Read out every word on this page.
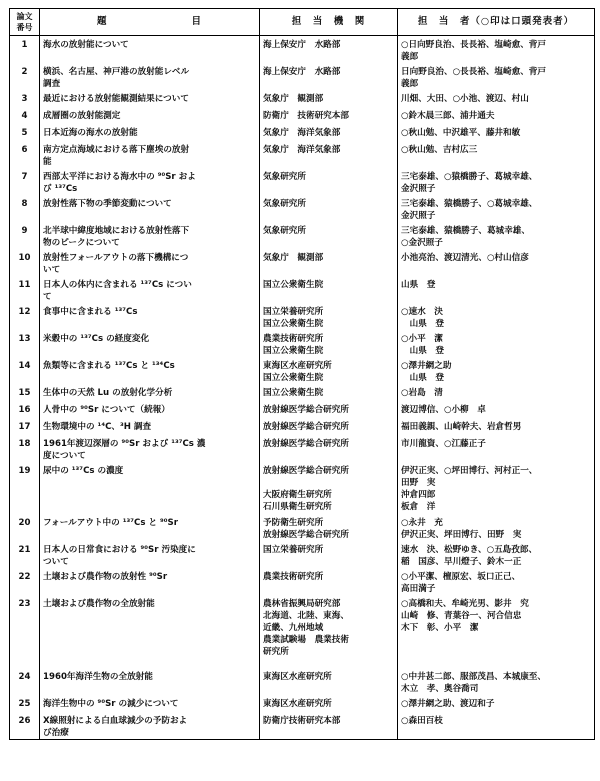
論文
番号	題　　　　　　　　目	担　当　機　関	担　当　者（○印は口頭発表者）
1	海水の放射能について	海上保安庁　水路部	○日向野良治、長長裕、塩崎愈、背戸
義郎
2	横浜、名古屋、神戸港の放射能レベル
調査	海上保安庁　水路部	日向野良治、○長長裕、塩崎愈、背戸
義郎
3	最近における放射能観測結果について	気象庁　観測部	川畑、大田、○小池、渡辺、村山
4	成層圏の放射能測定	防衛庁　技術研究本部	○鈴木晨三郎、浦井通夫
5	日本近海の海水の放射能	気象庁　海洋気象部	○秋山勉、中沢雄平、藤井和敏
6	南方定点海域における落下塵埃の放射
能	気象庁　海洋気象部	○秋山勉、吉村広三
7	西部太平洋における海水中の ⁹⁰Sr およ
び ¹³⁷Cs	気象研究所	三宅泰雄、○猿橋勝子、葛城幸雄、
金沢照子
8	放射性落下物の季節変動について	気象研究所	三宅泰雄、猿橋勝子、○葛城幸雄、
金沢照子
9	北半球中緯度地域における放射性落下
物のピークについて	気象研究所	三宅泰雄、猿橋勝子、葛城幸雄、
○金沢照子
10	放射性フォールアウトの落下機構につ
いて	気象庁　観測部	小池亮治、渡辺清光、○村山信彦
11	日本人の体内に含まれる ¹³⁷Cs につい
て	国立公衆衛生院	山県　登
12	食事中に含まれる ¹³⁷Cs	国立栄養研究所
国立公衆衛生院	○速水　決
　山県　登
13	米穀中の ¹³⁷Cs の経度変化	農業技術研究所
国立公衆衛生院	○小平　潔
　山県　登
14	魚類等に含まれる ¹³⁷Cs と ¹³⁴Cs	東海区水産研究所
国立公衆衛生院	○澤井網之助
　山県　登
15	生体中の天然 Lu の放射化学分析	国立公衆衛生院	○岩島　清
16	人骨中の ⁹⁰Sr について（続報）	放射線医学総合研究所	渡辺博信、○小柳　卓
17	生物環境中の ¹⁴C、³H 調査	放射線医学総合研究所	福田義親、山崎幹夫、岩倉哲男
18	1961年渡辺深層の ⁹⁰Sr および ¹³⁷Cs 濃
度について	放射線医学総合研究所	市川龍資、○江藤正子
19	尿中の ¹³⁷Cs の濃度	放射線医学総合研究所

大阪府衛生研究所
石川県衛生研究所	伊沢正実、○坪田博行、河村正一、
田野　実
沖倉四郎
板倉　洋
20	フォールアウト中の ¹³⁷Cs と ⁹⁰Sr	予防衛生研究所
放射線医学総合研究所	○永井　充
伊沢正実、坪田博行、田野　実
21	日本人の日常食における ⁹⁰Sr 汚染度に
ついて	国立栄養研究所	速水　決、松野ゆき、○五島孜郎、
稲　国彦、早川燈子、鈴木一正
22	土壌および農作物の放射性 ⁹⁰Sr	農業技術研究所	○小平潔、檀原宏、坂口正己、
高田満子
23	土壌および農作物の全放射能	農林省振興局研究部
北海道、北陸、東海、
近畿、九州地域
農業試験場　農業技術
研究所	○高橋和夫、牟崎光男、影井　究
山崎　修、青葉谷一、河合信忠
木下　彰、小平　潔
24	1960年海洋生物の全放射能	東海区水産研究所	○中井甚二郎、服部茂昌、本城康至、
木立　孝、奥谷喬司
25	海洋生物中の ⁹⁰Sr の減少について	東海区水産研究所	○澤井網之助、渡辺和子
26	X線照射による白血球減少の予防およ
び治療	防衛庁技術研究本部	○森田百枝
